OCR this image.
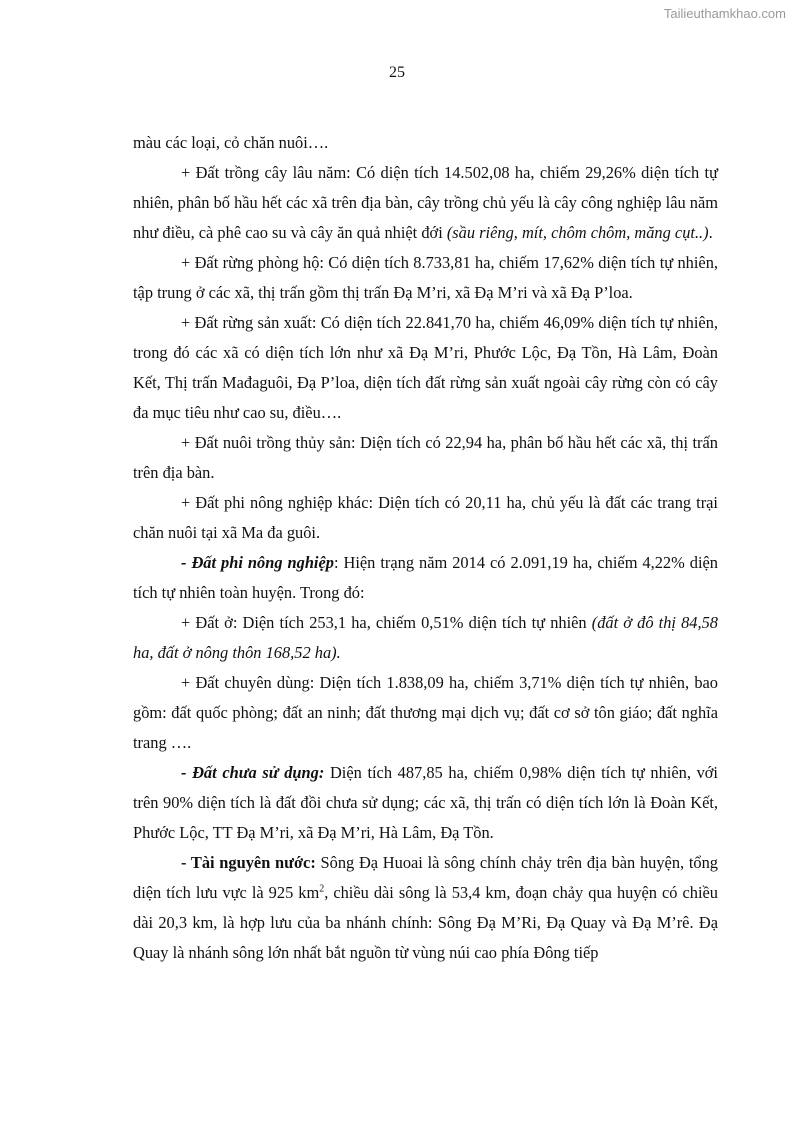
Tailieuthamkhao.com
25

màu các loại, cỏ chăn nuôi….

+ Đất trồng cây lâu năm: Có diện tích 14.502,08 ha, chiếm 29,26% diện tích tự nhiên, phân bố hầu hết các xã trên địa bàn, cây trồng chủ yếu là cây công nghiệp lâu năm như điều, cà phê cao su và cây ăn quả nhiệt đới (sầu riêng, mít, chôm chôm, măng cụt..).

+ Đất rừng phòng hộ: Có diện tích 8.733,81 ha, chiếm 17,62% diện tích tự nhiên, tập trung ở các xã, thị trấn gồm thị trấn Đạ M’ri, xã Đạ M’ri và xã Đạ P’loa.

+ Đất rừng sản xuất: Có diện tích 22.841,70 ha, chiếm 46,09% diện tích tự nhiên, trong đó các xã có diện tích lớn như xã Đạ M’ri, Phước Lộc, Đạ Tồn, Hà Lâm, Đoàn Kết, Thị trấn Mađaguôi, Đạ P’loa, diện tích đất rừng sản xuất ngoài cây rừng còn có cây đa mục tiêu như cao su, điều….

+ Đất nuôi trồng thủy sản: Diện tích có 22,94 ha, phân bố hầu hết các xã, thị trấn trên địa bàn.

+ Đất phi nông nghiệp khác: Diện tích có 20,11 ha, chủ yếu là đất các trang trại chăn nuôi tại xã Ma đa guôi.

- Đất phi nông nghiệp: Hiện trạng năm 2014 có 2.091,19 ha, chiếm 4,22% diện tích tự nhiên toàn huyện. Trong đó:

+ Đất ở: Diện tích 253,1 ha, chiếm 0,51% diện tích tự nhiên (đất ở đô thị 84,58 ha, đất ở nông thôn 168,52 ha).

+ Đất chuyên dùng: Diện tích 1.838,09 ha, chiếm 3,71% diện tích tự nhiên, bao gồm: đất quốc phòng; đất an ninh; đất thương mại dịch vụ; đất cơ sở tôn giáo; đất nghĩa trang ….

- Đất chưa sử dụng: Diện tích 487,85 ha, chiếm 0,98% diện tích tự nhiên, với trên 90% diện tích là đất đồi chưa sử dụng; các xã, thị trấn có diện tích lớn là Đoàn Kết, Phước Lộc, TT Đạ M’ri, xã Đạ M’ri, Hà Lâm, Đạ Tồn.

- Tài nguyên nước: Sông Đạ Huoai là sông chính chảy trên địa bàn huyện, tổng diện tích lưu vực là 925 $km^2$, chiều dài sông là 53,4 km, đoạn chảy qua huyện có chiều dài 20,3 km, là hợp lưu của ba nhánh chính: Sông Đạ M’Ri, Đạ Quay và Đạ M’rê. Đạ Quay là nhánh sông lớn nhất bắt nguồn từ vùng núi cao phía Đông tiếp
